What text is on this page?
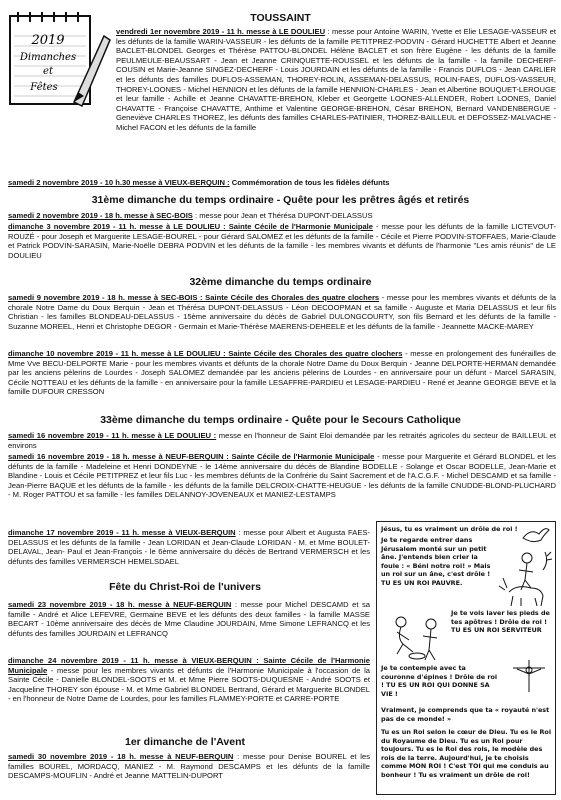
2019
Dimanches
et
Fêtes
TOUSSAINT
vendredi 1er novembre 2019 - 11 h. messe à LE DOULIEU : messe pour Antoine WARIN, Yvette et Elie LESAGE-VASSEUR et les défunts de la famille WARIN-VASSEUR - les défunts de la famille PETITPREZ-PODVIN - Gérard HUCHETTE Albert et Jeanne BACLET-BLONDEL Georges et Thérèse PATTOU-BLONDEL Hélène BACLET et son frère Eugène - les défunts de la famille PEULMEULE-BEAUSSART - Jean et Jeanne CRINQUETTE-ROUSSEL et les défunts de la famille - la famille DECHERF-COUSIN et Marie-Jeanne SINGEZ-DECHERF - Louis JOURDAIN et les défunts de la famille - Francis DUFLOS - Jean CARLIER et les défunts des familles DUFLOS-ASSEMAN, THOREY-ROLIN, ASSEMAN-DELASSUS, ROLIN-FAES, DUFLOS-VASSEUR, THOREY-LOONES - Michel HENNION et les défunts de la famille HENNION-CHARLES - Jean et Albertine BOUQUET-LEROUGE et leur famille - Achille et Jeanne CHAVATTE-BREHON, Kleber et Georgette LOONES-ALLENDER, Robert LOONES, Daniel CHAVATTE - Françoise CHAVATTE, Anthime et Valentine GEORGE-BREHON, César BREHON, Bernard VANDENBERGUE - Geneviève CHARLES THOREZ, les défunts des familles CHARLES-PATINIER, THOREZ-BAILLEUL et DEFOSSEZ-MALVACHE - Michel FACON et les défunts de la famille
samedi 2 novembre 2019 - 10 h.30 messe à VIEUX-BERQUIN : Commémoration de tous les fidèles défunts
31ème dimanche du temps ordinaire - Quête pour les prêtres âgés et retirés
samedi 2 novembre 2019 - 18 h. messe à SEC-BOIS : messe pour Jean et Thérésa DUPONT-DELASSUS
dimanche 3 novembre 2019 - 11 h. messe à LE DOULIEU : Sainte Cécile de l'Harmonie Municipale - messe pour les défunts de la famille LICTEVOUT-ROUZÉ - pour Joseph et Marguerite LESAGE-BOUREL - pour Gérard SALOMEZ et les défunts de la famille - Cécile et Pierre PODVIN-STOFFAES, Marie-Claude et Patrick PODVIN-SARASIN, Marie-Noëlle DEBRA PODVIN et les défunts de la famille - les membres vivants et défunts de l'harmonie "Les amis réunis" de LE DOULIEU
32ème dimanche du temps ordinaire
samedi 9 novembre 2019 - 18 h. messe à SEC-BOIS : Sainte Cécile des Chorales des quatre clochers - messe pour les membres vivants et défunts de la chorale Notre Dame du Doux Berquin - Jean et Thérésa DUPONT-DELASSUS - Léon DECOOPMAN et sa famille - Auguste et Maria DELASSUS et leur fils Christian - les familles BLONDEAU-DELASSUS - 15ème anniversaire du décès de Gabriel DULONGCOURTY, son fils Bernard et les défunts de la famille - Suzanne MOREEL, Henri et Christophe DEGOR - Germain et Marie-Thérèse MAERENS-DEHEELE et les défunts de la famille - Jeannette MACKE-MAREY
dimanche 10 novembre 2019 - 11 h. messe à LE DOULIEU : Sainte Cécile des Chorales des quatre clochers - messe en prolongement des funérailles de Mme Vve BECU-DELPORTE Marie - pour les membres vivants et défunts de la chorale Notre Dame du Doux Berquin - Jeanne DELPORTE-HERMAN demandée par les anciens pèlerins de Lourdes - Joseph SALOMEZ demandée par les anciens pèlerins de Lourdes - en anniversaire pour un défunt - Marcel SARASIN, Cécile NOTTEAU et les défunts de la famille - en anniversaire pour la famille LESAFFRE-PARDIEU et LESAGE-PARDIEU - René et Jeanne GEORGE BEVE et la famille DUFOUR CRESSON
33ème dimanche du temps ordinaire - Quête pour le Secours Catholique
samedi 16 novembre 2019 - 11 h. messe à LE DOULIEU : messe en l'honneur de Saint Eloi demandée par les retraités agricoles du secteur de BAILLEUL et environs
samedi 16 novembre 2019 - 18 h. messe à NEUF-BERQUIN : Sainte Cécile de l'Harmonie Municipale - messe pour Marguerite et Gérard BLONDEL et les défunts de la famille - Madeleine et Henri DONDEYNE - le 14ème anniversaire du décès de Blandine BODELLE - Solange et Oscar BODELLE, Jean-Marie et Blandine - Louis et Cécile PETITPREZ et leur fils Luc - les membres défunts de la Confrérie du Saint Sacrement et de l'A.C.G.F. - Michel DESCAMD et sa famille - Jean-Pierre BAQUE et les défunts de la famille - les défunts de la famille DELCROIX-CHATTE-HEUGUE - les défunts de la famille CNUDDE-BLOND-PLUCHARD - M. Roger PATTOU et sa famille - les familles DELANNOY-JOVENEAUX et MANIEZ-LESTAMPS
dimanche 17 novembre 2019 - 11 h. messe à VIEUX-BERQUIN : messe pour Albert et Augusta FAES-DELASSUS et les défunts de la famille - Jean LORIDAN et Jean-Claude LORIDAN - M. et Mme BOULET-DELAVAL, Jean- Paul et Jean-François - le 6ème anniversaire du décès de Bertrand VERMERSCH et les défunts des familles VERMERSCH HEMELSDAEL
Fête du Christ-Roi de l'univers
samedi 23 novembre 2019 - 18 h. messe à NEUF-BERQUIN : messe pour Michel DESCAMD et sa famille - André et Alice LEFEVRE, Germaine BEVE et les défunts des deux familles - la famille MASSE BECART - 10ème anniversaire des décès de Mme Claudine JOURDAIN, Mme Simone LEFRANCQ et les défunts des familles JOURDAIN et LEFRANCQ
dimanche 24 novembre 2019 - 11 h. messe à VIEUX-BERQUIN : Sainte Cécile de l'Harmonie Municipale - messe pour les membres vivants et défunts de l'Harmonie Municipale à l'occasion de la Sainte Cécile - Danielle BLONDEL-SOOTS et M. et Mme Pierre SOOTS-DUQUESNE - André SOOTS et Jacqueline THOREY son épouse - M. et Mme Gabriel BLONDEL Bertrand, Gérard et Marguerite BLONDEL - en l'honneur de Notre Dame de Lourdes, pour les familles FLAMMEY-PORTE et CARRE-PORTE
1er dimanche de l'Avent
samedi 30 novembre 2019 - 18 h. messe à NEUF-BERQUIN : messe pour Denise BOUREL et les familles BOUREL, MORDACQ, MANIEZ - M. Raymond DESCAMPS et les défunts de la famille DESCAMPS-MOUFLIN - André et Jeanne MATTELIN-DUPORT
Jésus, tu es vraiment un drôle de roi !
Je te regarde entrer dans Jérusalem monté sur un petit âne. J'entends bien crier la foule : « Béni notre roi! » Mais un roi sur un âne, c'est drôle ! TU ES UN ROI PAUVRE.
Je te vois laver les pieds de tes apôtres ! Drôle de roi ! TU ES UN ROI SERVITEUR
Je te contemple avec ta couronne d'épines ! Drôle de roi ! TU ES UN ROI QUI DONNE SA VIE !
Vraiment, je comprends que ta « royauté n'est pas de ce monde! »
Tu es un Roi selon le cœur de Dieu. Tu es le Roi du Royaume de Dieu. Tu es un Roi pour toujours. Tu es le Roi des rois, le modèle des rois de la terre. Aujourd'hui, je te choisis comme MON ROI ! C'est TOI qui me conduis au bonheur ! Tu es vraiment un drôle de roi!
